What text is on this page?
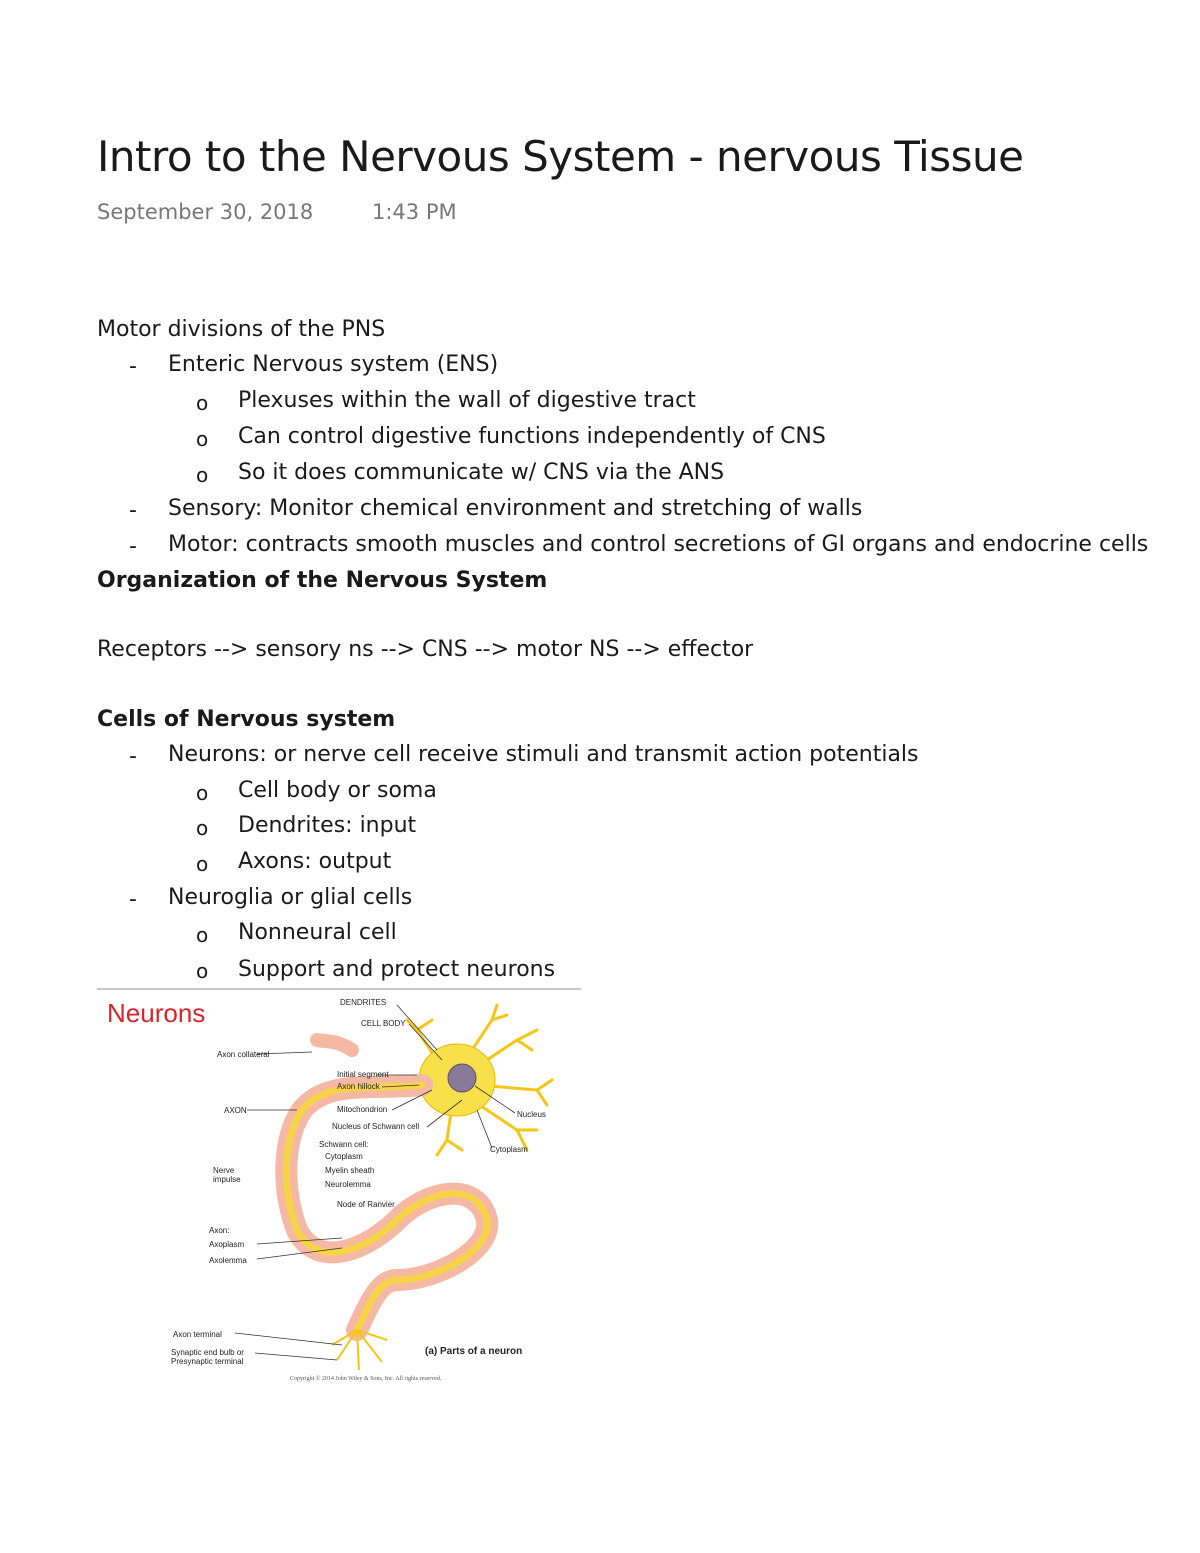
Intro to the Nervous System - nervous Tissue
September 30, 2018	1:43 PM
Motor divisions of the PNS
- Enteric Nervous system (ENS)
o Plexuses within the wall of digestive tract
o Can control digestive functions independently of CNS
o So it does communicate w/ CNS via the ANS
- Sensory: Monitor chemical environment and stretching of walls
- Motor: contracts smooth muscles and control secretions of GI organs and endocrine cells
Organization of the Nervous System
Receptors --> sensory ns --> CNS --> motor NS --> effector
Cells of Nervous system
- Neurons: or nerve cell receive stimuli and transmit action potentials
o Cell body or soma
o Dendrites: input
o Axons: output
- Neuroglia or glial cells
o Nonneural cell
o Support and protect neurons
Neurons	DENDRITES
CELL BODY
Axon collateral
Initial segment
Axon hillock
AXON	Mitochondrion
Nucleus of Schwann cell
Nucleus
Schwann cell:
Cytoplasm
Cytoplasm
Myelin sheath
Neurolemma
Nerve impulse
Node of Ranvier
Axon:
Axoplasm
Axolemma
Axon terminal
Synaptic end bulb or Presynaptic terminal
(a) Parts of a neuron
Copyright © 2014 John Wiley & Sons, Inc. All rights reserved.
